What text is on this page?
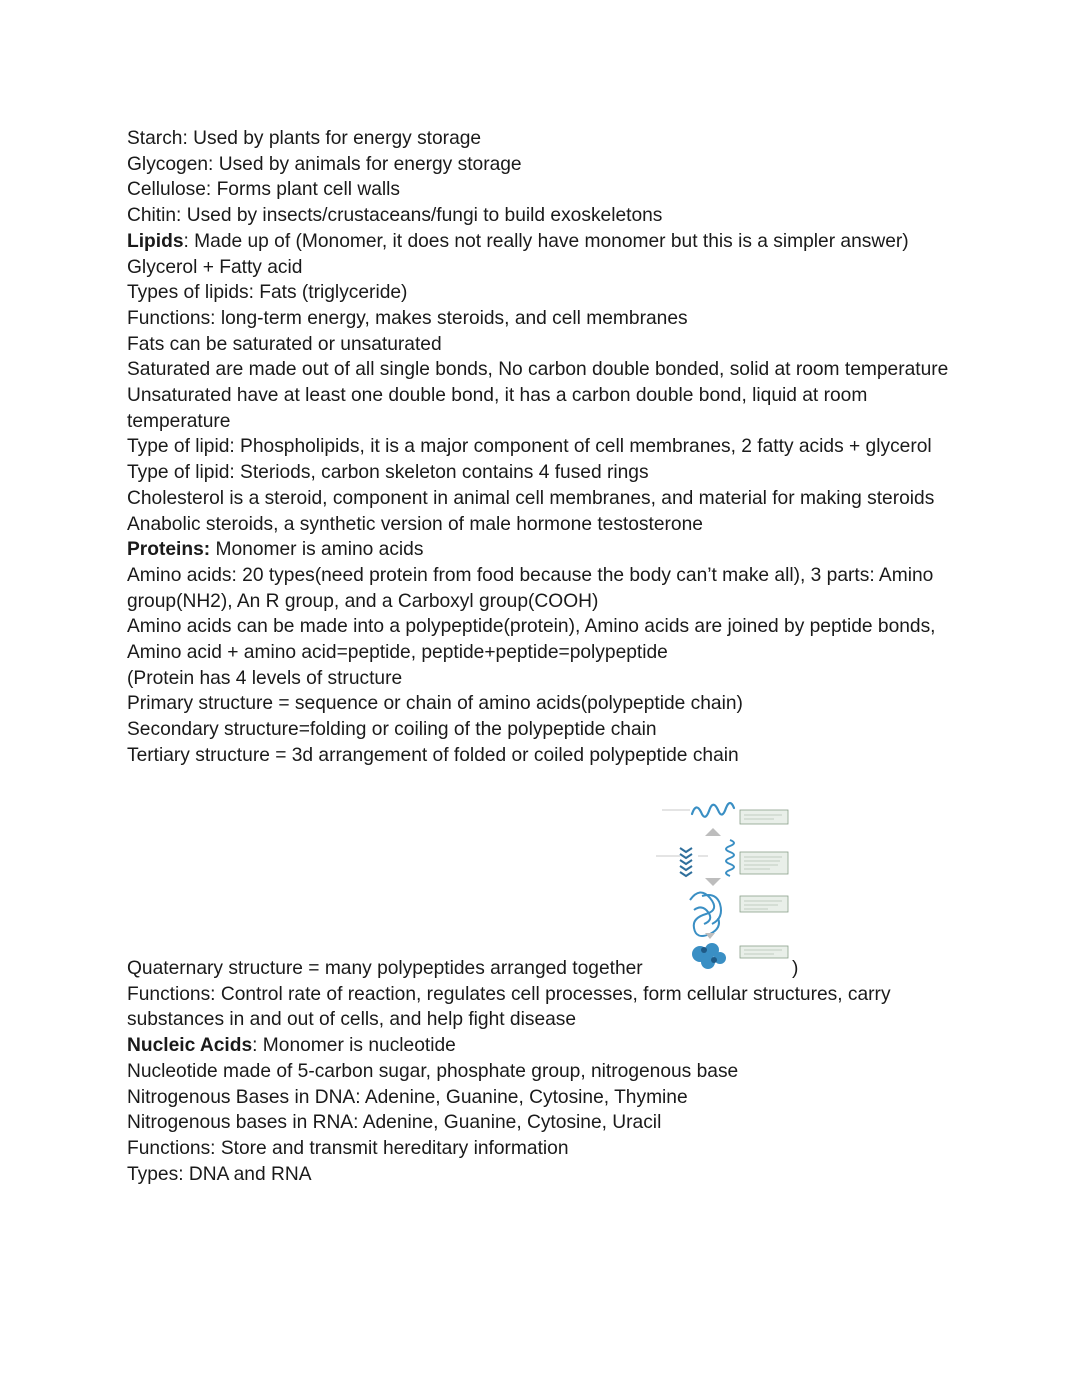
Starch: Used by plants for energy storage

Glycogen: Used by animals for energy storage

Cellulose: Forms plant cell walls

Chitin: Used by insects/crustaceans/fungi to build exoskeletons

Lipids: Made up of (Monomer, it does not really have monomer but this is a simpler answer)

Glycerol + Fatty acid

Types of lipids: Fats (triglyceride)

Functions: long-term energy, makes steroids, and cell membranes

Fats can be saturated or unsaturated

Saturated are made out of all single bonds, No carbon double bonded, solid at room temperature

Unsaturated have at least one double bond, it has a carbon double bond, liquid at room temperature

Type of lipid: Phospholipids, it is a major component of cell membranes, 2 fatty acids + glycerol

Type of lipid: Steriods, carbon skeleton contains 4 fused rings

Cholesterol is a steroid, component in animal cell membranes, and material for making steroids

Anabolic steroids, a synthetic version of male hormone testosterone

Proteins: Monomer is amino acids

Amino acids: 20 types(need protein from food because the body can’t make all), 3 parts: Amino group(NH2), An R group, and a Carboxyl group(COOH)

Amino acids can be made into a polypeptide(protein), Amino acids are joined by peptide bonds, Amino acid + amino acid=peptide, peptide+peptide=polypeptide

(Protein has 4 levels of structure

Primary structure = sequence or chain of amino acids(polypeptide chain)

Secondary structure=folding or coiling of the polypeptide chain

Tertiary structure = 3d arrangement of folded or coiled polypeptide chain

Quaternary structure = many polypeptides arranged together

Functions: Control rate of reaction, regulates cell processes, form cellular structures, carry substances in and out of cells, and help fight disease

Nucleic Acids: Monomer is nucleotide

Nucleotide made of 5-carbon sugar, phosphate group, nitrogenous base

Nitrogenous Bases in DNA: Adenine, Guanine, Cytosine, Thymine

Nitrogenous bases in RNA: Adenine, Guanine, Cytosine, Uracil

Functions: Store and transmit hereditary information

Types: DNA and RNA

)
